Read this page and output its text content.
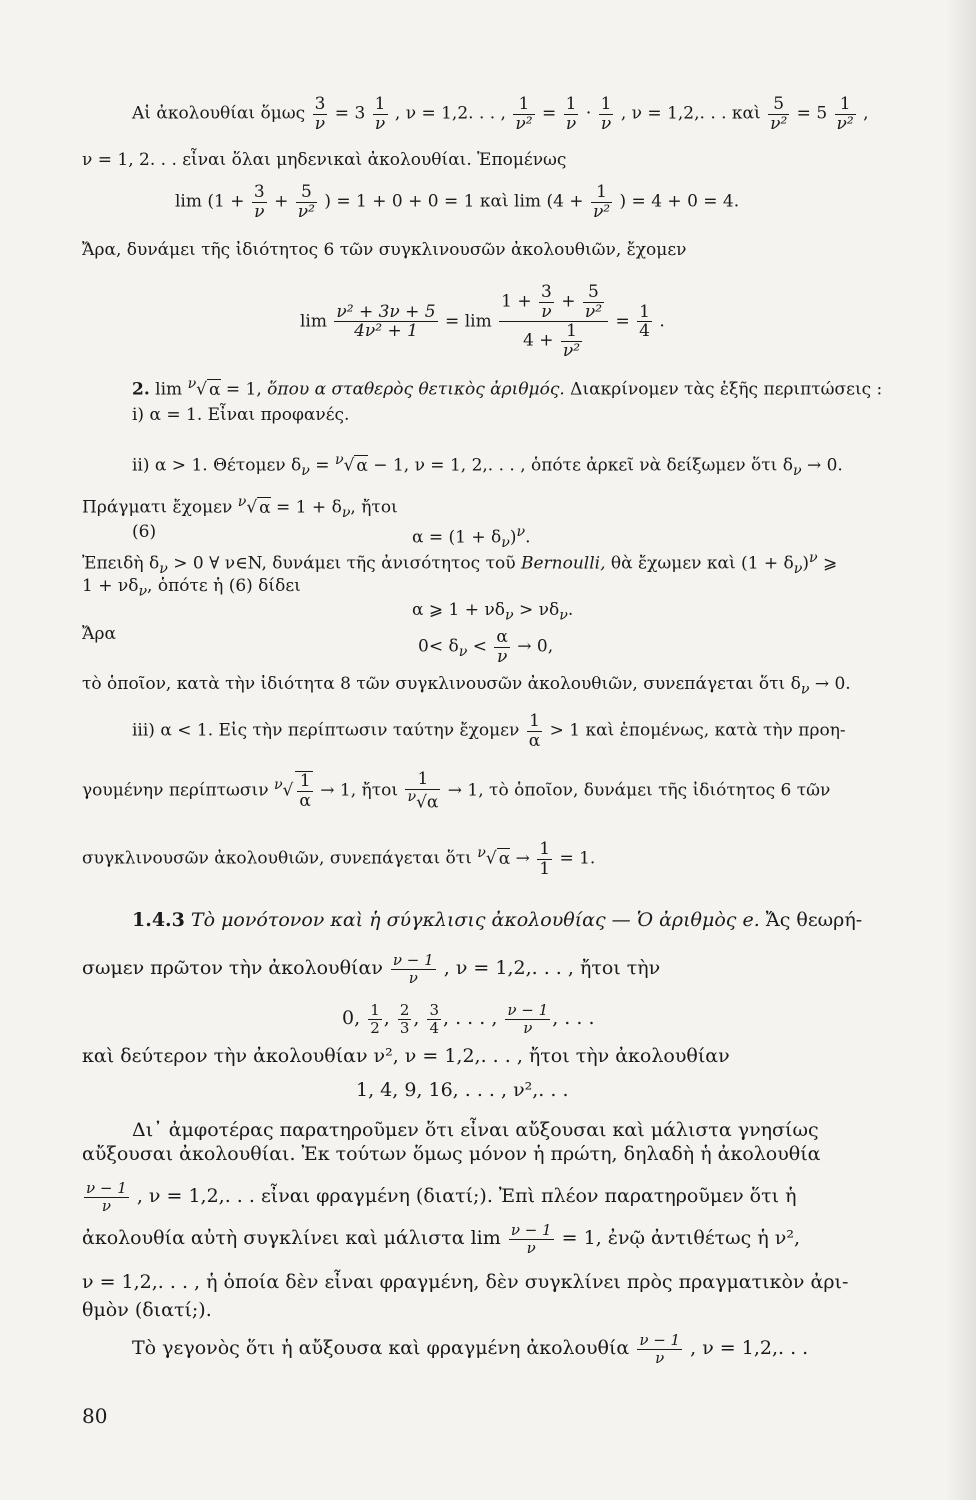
Αἱ ἀκολουθίαι ὅμως $\frac{3}{\nu} = 3 \frac{1}{\nu}$ , ν = 1,2. . . , $\frac{1}{\text{ν²}} = \frac{1}{\nu} \cdot \frac{1}{\nu}$ , ν = 1,2,. . . καὶ $\frac{5}{\text{ν²}} = 5 \frac{1}{\text{ν²}}$ ,
ν = 1, 2. . . εἶναι ὅλαι μηδενικαὶ ἀκολουθίαι. Ἑπομένως
$\lim (1 + \frac{3}{\nu} + \frac{5}{\text{ν²}}$ ) = 1 + 0 + 0 = 1 καὶ $\lim (4 + \frac{1}{\text{ν²}}$ ) = 4 + 0 = 4.
Ἄρα, δυνάμει τῆς ἰδιότητος 6 τῶν συγκλινουσῶν ἀκολουθιῶν, ἔχομεν
$\lim \frac{\text{ν² + 3ν + 5}}{\text{4ν² + 1}} = \lim \frac{1 + \frac{3}{\nu} + \frac{5}{\text{ν²}}}{4 + \frac{1}{\text{ν²}}} = \frac{1}{4}$ .
2. lim $^\nu$√ α = 1, ὅπου α σταθερὸς θετικὸς ἀριθμός. Διακρίνομεν τὰς ἑξῆς περιπτώσεις :
i) α = 1. Εἶναι προφανές.
ii) α > 1. Θέτομεν $\delta_\nu = ^\nu√$ α − 1, ν = 1, 2,. . . , ὁπότε ἀρκεῖ νὰ δείξωμεν ὅτι $\delta_\nu \to 0$.
Πράγματι ἔχομεν $^\nu$√ $\alpha = 1 + \delta_\nu$, ἤτοι
(6)	$\alpha = (1 + \delta_\nu)^\nu$.
Ἐπειδὴ $\delta_\nu > 0$ ∀ ν∈N, δυνάμει τῆς ἀνισότητος τοῦ Bernoulli, θὰ ἔχωμεν καὶ $(1 + \delta_\nu)^\nu$ ⩾
$1 + \nu\delta_\nu$, ὁπότε ἡ (6) δίδει
α ⩾ $1 + \nu\delta_\nu > \nu\delta_\nu$.
Ἄρα
$0< \delta_\nu < \frac{\alpha}{\nu} \to 0$,
τὸ ὁποῖον, κατὰ τὴν ἰδιότητα 8 τῶν συγκλινουσῶν ἀκολουθιῶν, συνεπάγεται ὅτι $\delta_\nu \to 0$.
iii) α < 1. Εἰς τὴν περίπτωσιν ταύτην ἔχομεν $\frac{1}{\alpha} > 1$ καὶ ἑπομένως, κατὰ τὴν προη-
γουμένην περίπτωσιν $^\nu√ \frac{1}{\alpha} \to 1$, ἤτοι $\frac{1}{^\nu√\alpha} \to 1$, τὸ ὁποῖον, δυνάμει τῆς ἰδιότητος 6 τῶν
συγκλινουσῶν ἀκολουθιῶν, συνεπάγεται ὅτι $^\nu$√ $\alpha \to \frac{1}{1} = 1$.
1.4.3 Τὸ μονότονον καὶ ἡ σύγκλισις ἀκολουθίας — Ὁ ἀριθμὸς e. Ἄς θεωρή-
σωμεν πρῶτον τὴν ἀκολουθίαν $\frac{\nu - 1}{\nu}$ , ν = 1,2,. . . , ἤτοι τὴν
0, $\frac{1}{2}$ , $\frac{2}{3}$ , $\frac{3}{4}$ , . . . , $\frac{\nu - 1}{\nu}$ , . . .
καὶ δεύτερον τὴν ἀκολουθίαν ν², ν = 1,2,. . . , ἤτοι τὴν ἀκολουθίαν
1, 4, 9, 16, . . . , ν²,. . .
Δι᾽ ἀμφοτέρας παρατηροῦμεν ὅτι εἶναι αὔξουσαι καὶ μάλιστα γνησίως
αὔξουσαι ἀκολουθίαι. Ἐκ τούτων ὅμως μόνον ἡ πρώτη, δηλαδὴ ἡ ἀκολουθία
$\frac{\nu - 1}{\nu}$ , ν = 1,2,. . . εἶναι φραγμένη (διατί;). Ἐπὶ πλέον παρατηροῦμεν ὅτι ἡ
ἀκολουθία αὐτὴ συγκλίνει καὶ μάλιστα $\lim \frac{\nu - 1}{\nu} = 1$, ἐνῷ ἀντιθέτως ἡ ν²,
ν = 1,2,. . . , ἡ ὁποία δὲν εἶναι φραγμένη, δὲν συγκλίνει πρὸς πραγματικὸν ἀρι-
θμὸν (διατί;).
Τὸ γεγονὸς ὅτι ἡ αὔξουσα καὶ φραγμένη ἀκολουθία $\frac{\nu - 1}{\nu}$ , ν = 1,2,. . .
80
